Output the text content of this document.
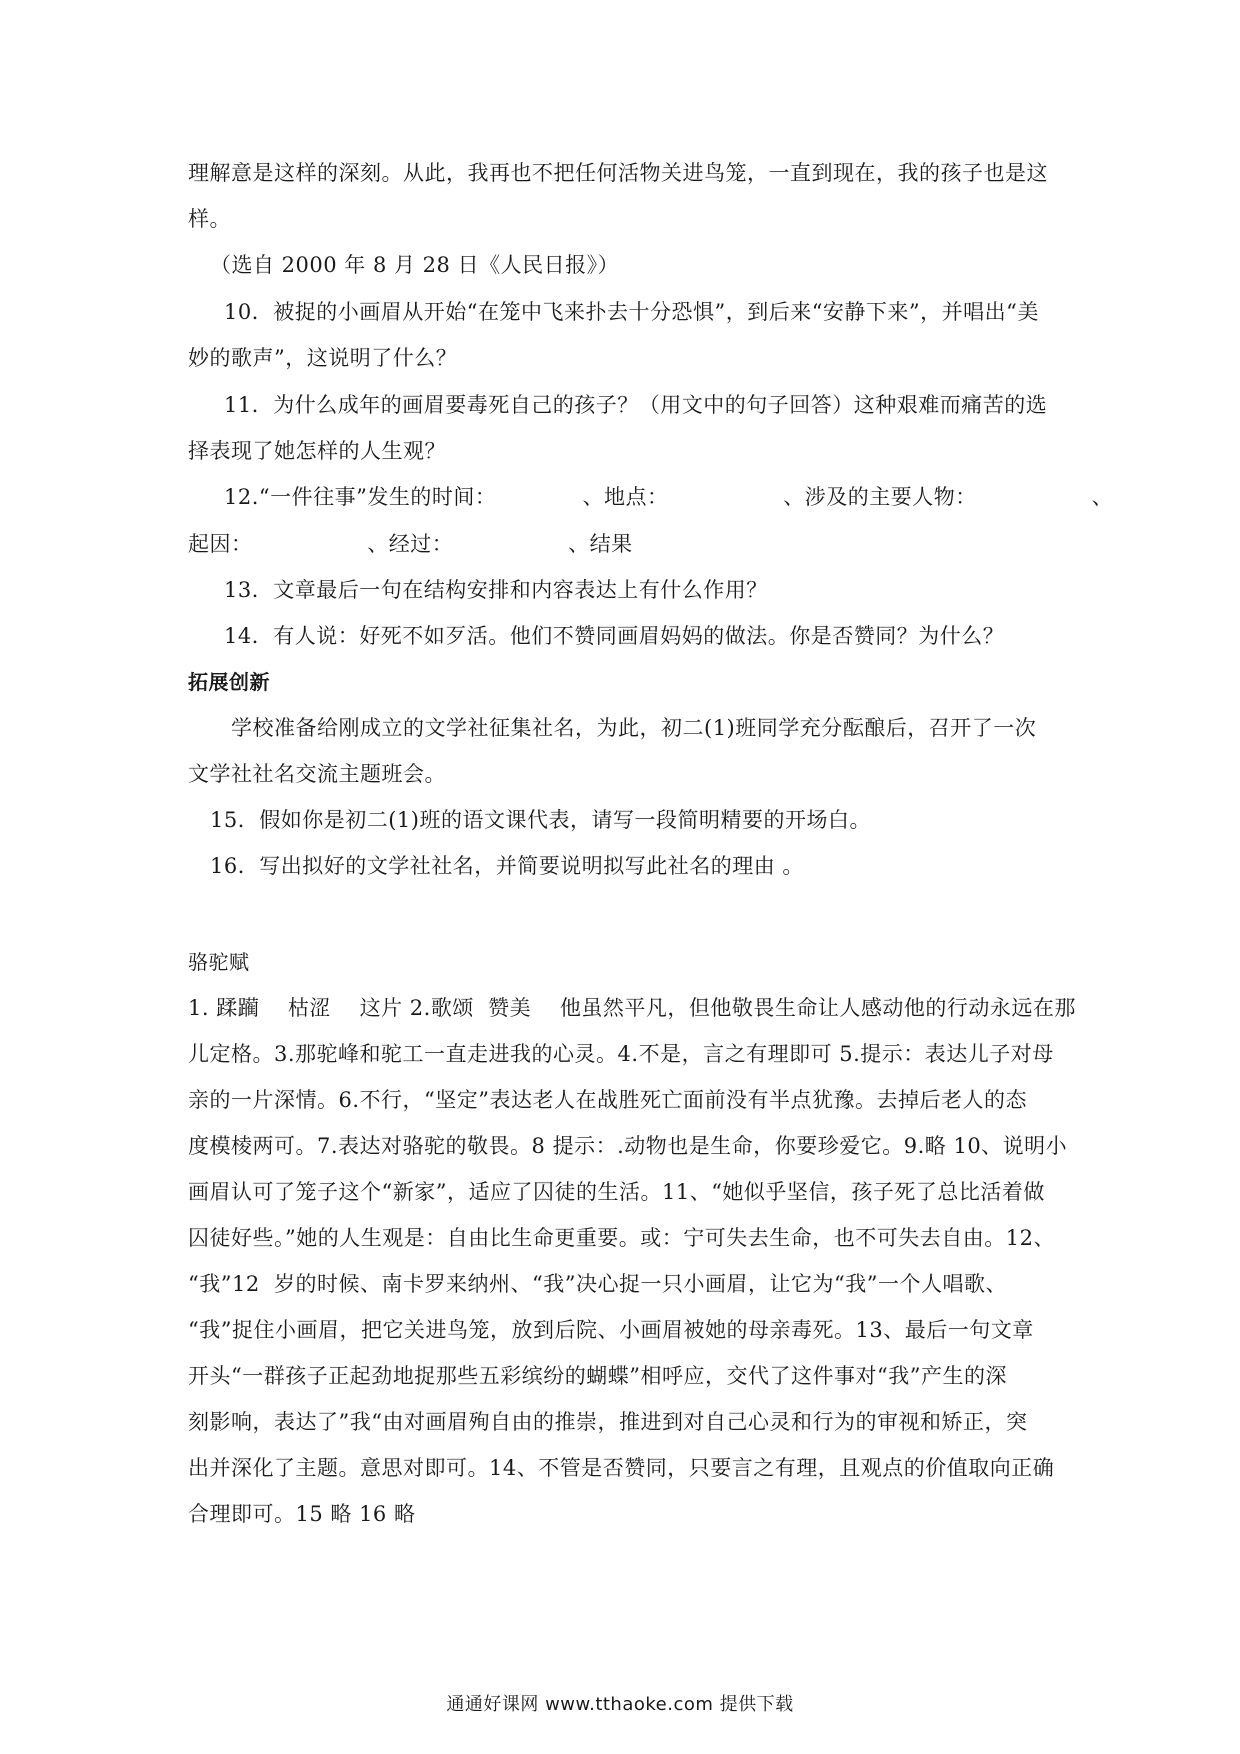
理解意是这样的深刻。从此，我再也不把任何活物关进鸟笼，一直到现在，我的孩子也是这
样。
（选自 2000 年 8 月 28 日《人民日报》）
10．被捉的小画眉从开始“在笼中飞来扑去十分恐惧”，到后来“安静下来”，并唱出“美
妙的歌声”，这说明了什么？
11．为什么成年的画眉要毒死自己的孩子？（用文中的句子回答）这种艰难而痛苦的选
择表现了她怎样的人生观？
12.“一件往事”发生的时间：            、地点：                、涉及的主要人物：                、
起因：                、经过：                、结果
13．文章最后一句在结构安排和内容表达上有什么作用？
14．有人说：好死不如歹活。他们不赞同画眉妈妈的做法。你是否赞同？为什么？
拓展创新
学校准备给刚成立的文学社征集社名，为此，初二(1)班同学充分酝酿后，召开了一次
文学社社名交流主题班会。
15．假如你是初二(1)班的语文课代表，请写一段简明精要的开场白。
16．写出拟好的文学社社名，并简要说明拟写此社名的理由 。
骆驼赋
1. 蹂躏    枯涩    这片 2.歌颂  赞美    他虽然平凡，但他敬畏生命让人感动他的行动永远在那
儿定格。3.那驼峰和驼工一直走进我的心灵。4.不是，言之有理即可 5.提示：表达儿子对母
亲的一片深情。6.不行，“坚定”表达老人在战胜死亡面前没有半点犹豫。去掉后老人的态
度模棱两可。7.表达对骆驼的敬畏。8 提示：.动物也是生命，你要珍爱它。9.略 10、说明小
画眉认可了笼子这个“新家”，适应了囚徒的生活。11、“她似乎坚信，孩子死了总比活着做
囚徒好些。”她的人生观是：自由比生命更重要。或：宁可失去生命，也不可失去自由。12、
“我”12  岁的时候、南卡罗来纳州、“我”决心捉一只小画眉，让它为“我”一个人唱歌、
“我”捉住小画眉，把它关进鸟笼，放到后院、小画眉被她的母亲毒死。13、最后一句文章
开头“一群孩子正起劲地捉那些五彩缤纷的蝴蝶”相呼应，交代了这件事对“我”产生的深
刻影响，表达了”我“由对画眉殉自由的推崇，推进到对自己心灵和行为的审视和矫正，突
出并深化了主题。意思对即可。14、不管是否赞同，只要言之有理，且观点的价值取向正确
合理即可。15 略 16 略
通通好课网 www.tthaoke.com 提供下载
